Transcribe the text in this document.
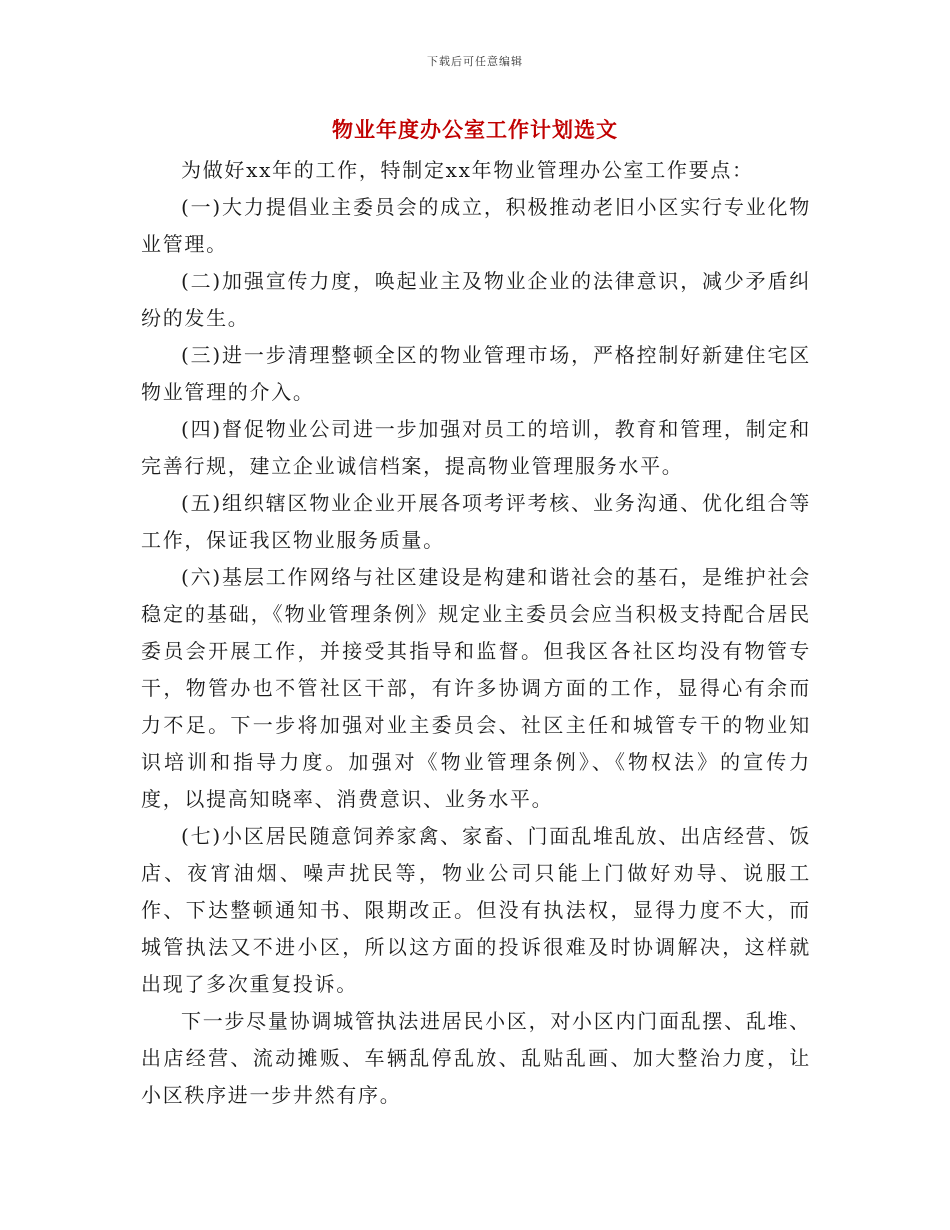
下载后可任意编辑
物业年度办公室工作计划选文

为做好xx年的工作，特制定xx年物业管理办公室工作要点：

(一)大力提倡业主委员会的成立，积极推动老旧小区实行专业化物业管理。

(二)加强宣传力度，唤起业主及物业企业的法律意识，减少矛盾纠纷的发生。

(三)进一步清理整顿全区的物业管理市场，严格控制好新建住宅区物业管理的介入。

(四)督促物业公司进一步加强对员工的培训，教育和管理，制定和完善行规，建立企业诚信档案，提高物业管理服务水平。

(五)组织辖区物业企业开展各项考评考核、业务沟通、优化组合等工作，保证我区物业服务质量。

(六)基层工作网络与社区建设是构建和谐社会的基石，是维护社会稳定的基础，《物业管理条例》规定业主委员会应当积极支持配合居民委员会开展工作，并接受其指导和监督。但我区各社区均没有物管专干，物管办也不管社区干部，有许多协调方面的工作，显得心有余而力不足。下一步将加强对业主委员会、社区主任和城管专干的物业知识培训和指导力度。加强对《物业管理条例》、《物权法》的宣传力度，以提高知晓率、消费意识、业务水平。

(七)小区居民随意饲养家禽、家畜、门面乱堆乱放、出店经营、饭店、夜宵油烟、噪声扰民等，物业公司只能上门做好劝导、说服工作、下达整顿通知书、限期改正。但没有执法权，显得力度不大，而城管执法又不进小区，所以这方面的投诉很难及时协调解决，这样就出现了多次重复投诉。

下一步尽量协调城管执法进居民小区，对小区内门面乱摆、乱堆、出店经营、流动摊贩、车辆乱停乱放、乱贴乱画、加大整治力度，让小区秩序进一步井然有序。
